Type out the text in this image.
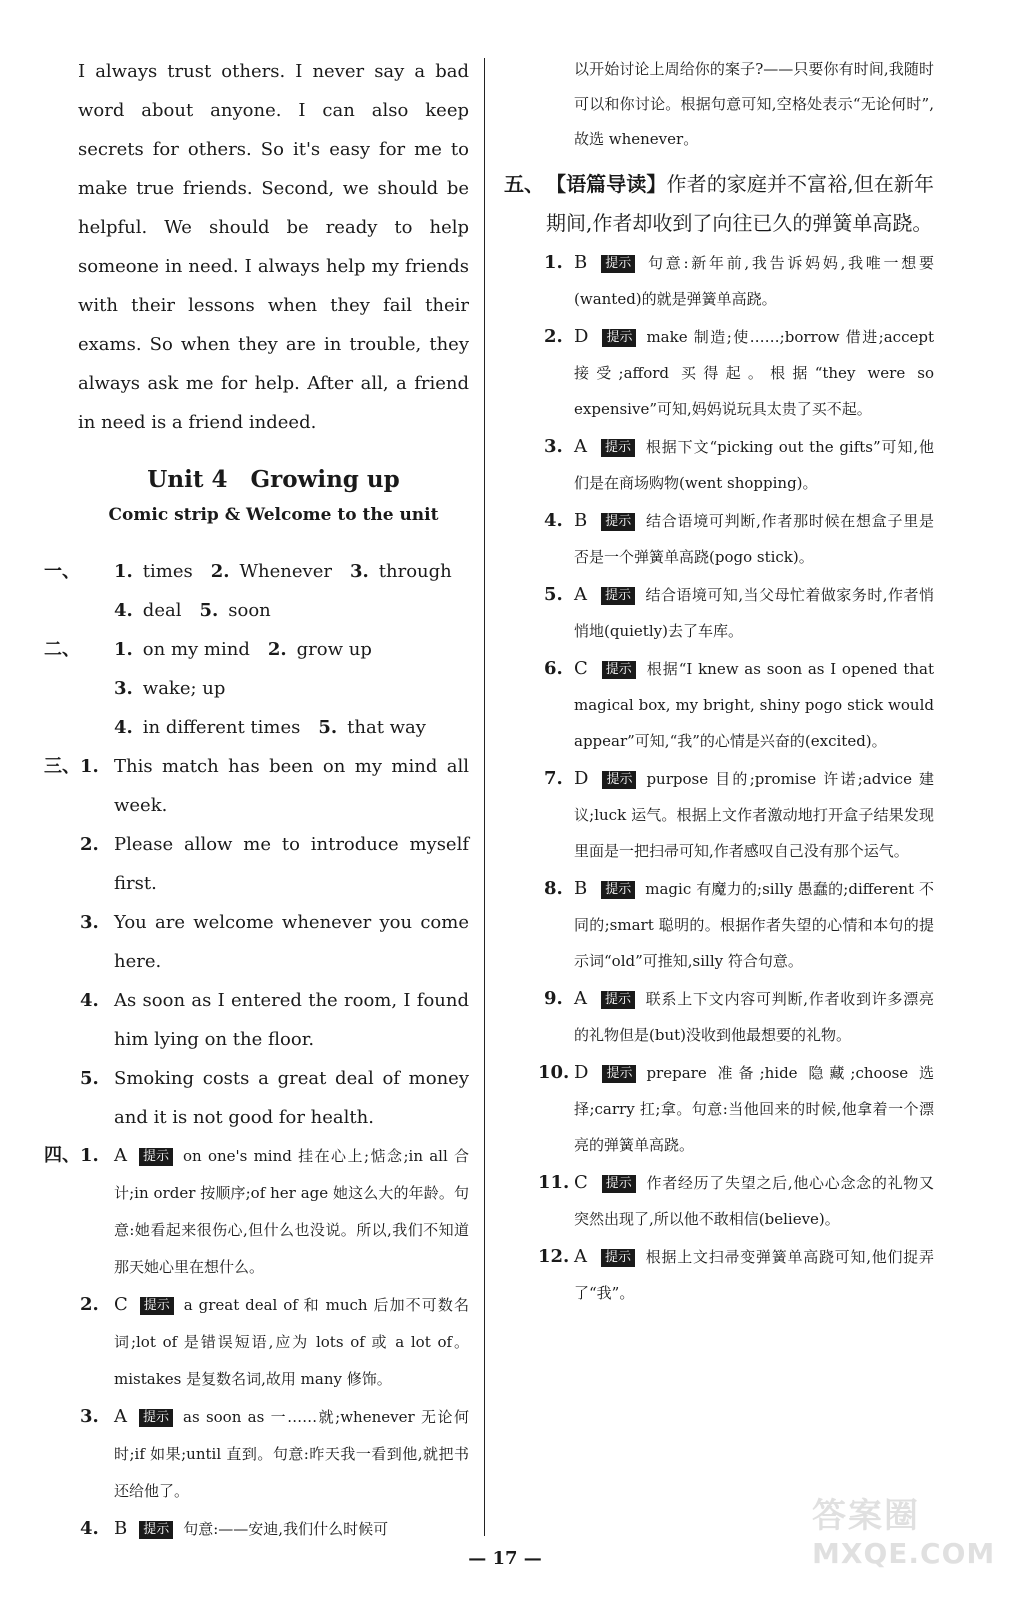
I always trust others. I never say a bad word about anyone. I can also keep secrets for others. So it's easy for me to make true friends. Second, we should be helpful. We should be ready to help someone in need. I always help my friends with their lessons when they fail their exams. So when they are in trouble, they always ask me for help. After all, a friend in need is a friend indeed.

Unit 4 Growing up
Comic strip & Welcome to the unit
一、 1. times 2. Whenever 3. through
4. deal 5. soon
二、 1. on my mind 2. grow up3. wake; up
4. in different times 5. that way
三、 1. This match has been on my mind all week.
2. Please allow me to introduce myself first.
3. You are welcome whenever you come here.
4. As soon as I entered the room, I found him lying on the floor.
5. Smoking costs a great deal of money and it is not good for health.
四、 1. A 提示 on one's mind 挂在心上;惦念;in all 合计;in order 按顺序;of her age 她这么大的年龄。句意:她看起来很伤心,但什么也没说。所以,我们不知道那天她心里在想什么。
2. C 提示 a great deal of 和 much 后加不可数名词;lot of 是错误短语,应为 lots of 或 a lot of。mistakes 是复数名词,故用 many 修饰。
3. A 提示 as soon as 一……就;whenever 无论何时;if 如果;until 直到。句意:昨天我一看到他,就把书还给他了。
4. B 提示 句意:——安迪,我们什么时候可
以开始讨论上周给你的案子?——只要你有时间,我随时可以和你讨论。根据句意可知,空格处表示“无论何时”,故选 whenever。
五、 【语篇导读】作者的家庭并不富裕,但在新年期间,作者却收到了向往已久的弹簧单高跷。
1. B 提示 句意:新年前,我告诉妈妈,我唯一想要(wanted)的就是弹簧单高跷。
2. D 提示 make 制造;使……;borrow 借进;accept 接受;afford 买得起。根据“they were so expensive”可知,妈妈说玩具太贵了买不起。
3. A 提示 根据下文“picking out the gifts”可知,他们是在商场购物(went shopping)。
4. B 提示 结合语境可判断,作者那时候在想盒子里是否是一个弹簧单高跷(pogo stick)。
5. A 提示 结合语境可知,当父母忙着做家务时,作者悄悄地(quietly)去了车库。
6. C 提示 根据“I knew as soon as I opened that magical box, my bright, shiny pogo stick would appear”可知,“我”的心情是兴奋的(excited)。
7. D 提示 purpose 目的;promise 许诺;advice 建议;luck 运气。根据上文作者激动地打开盒子结果发现里面是一把扫帚可知,作者感叹自己没有那个运气。
8. B 提示 magic 有魔力的;silly 愚蠢的;different 不同的;smart 聪明的。根据作者失望的心情和本句的提示词“old”可推知,silly 符合句意。
9. A 提示 联系上下文内容可判断,作者收到许多漂亮的礼物但是(but)没收到他最想要的礼物。
10. D 提示 prepare 准备;hide 隐藏;choose 选择;carry 扛;拿。句意:当他回来的时候,他拿着一个漂亮的弹簧单高跷。
11. C 提示 作者经历了失望之后,他心心念念的礼物又突然出现了,所以他不敢相信(believe)。
12. A 提示 根据上文扫帚变弹簧单高跷可知,他们捉弄了“我”。
— 17 —
答案圈
MXQE.COM
